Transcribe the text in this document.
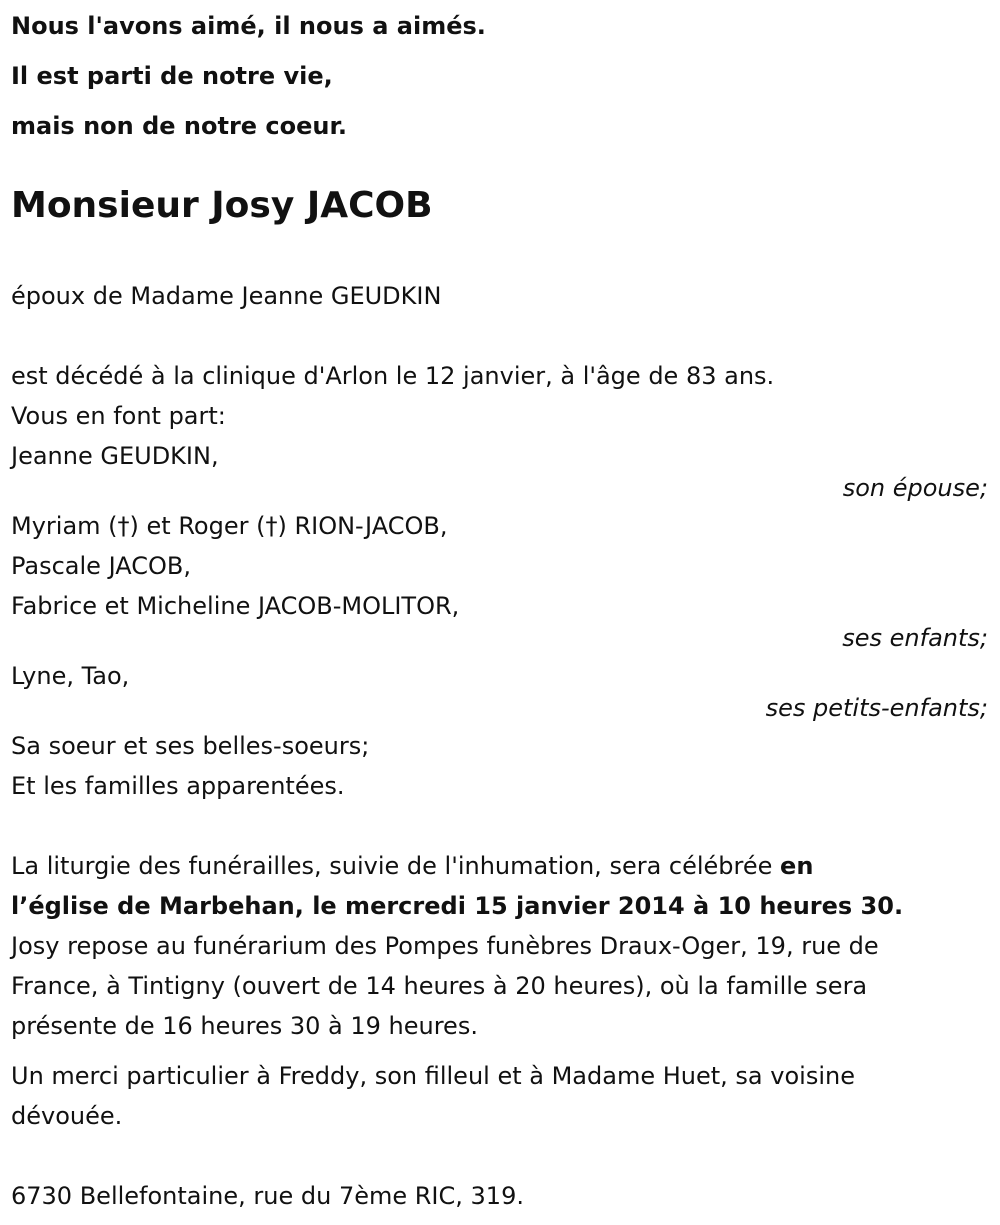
Nous l'avons aimé, il nous a aimés.
Il est parti de notre vie,
mais non de notre coeur.
Monsieur Josy JACOB
époux de Madame Jeanne GEUDKIN
est décédé à la clinique d'Arlon le 12 janvier, à l'âge de 83 ans.
Vous en font part:
Jeanne GEUDKIN,
son épouse;
Myriam (†) et Roger (†) RION-JACOB,
Pascale JACOB,
Fabrice et Micheline JACOB-MOLITOR,
ses enfants;
Lyne, Tao,
ses petits-enfants;
Sa soeur et ses belles-soeurs;
Et les familles apparentées.
La liturgie des funérailles, suivie de l'inhumation, sera célébrée en
l’église de Marbehan, le mercredi 15 janvier 2014 à 10 heures 30.
Josy repose au funérarium des Pompes funèbres Draux-Oger, 19, rue de
France, à Tintigny (ouvert de 14 heures à 20 heures), où la famille sera
présente de 16 heures 30 à 19 heures.
Un merci particulier à Freddy, son filleul et à Madame Huet, sa voisine
dévouée.
6730 Bellefontaine, rue du 7ème RIC, 319.
